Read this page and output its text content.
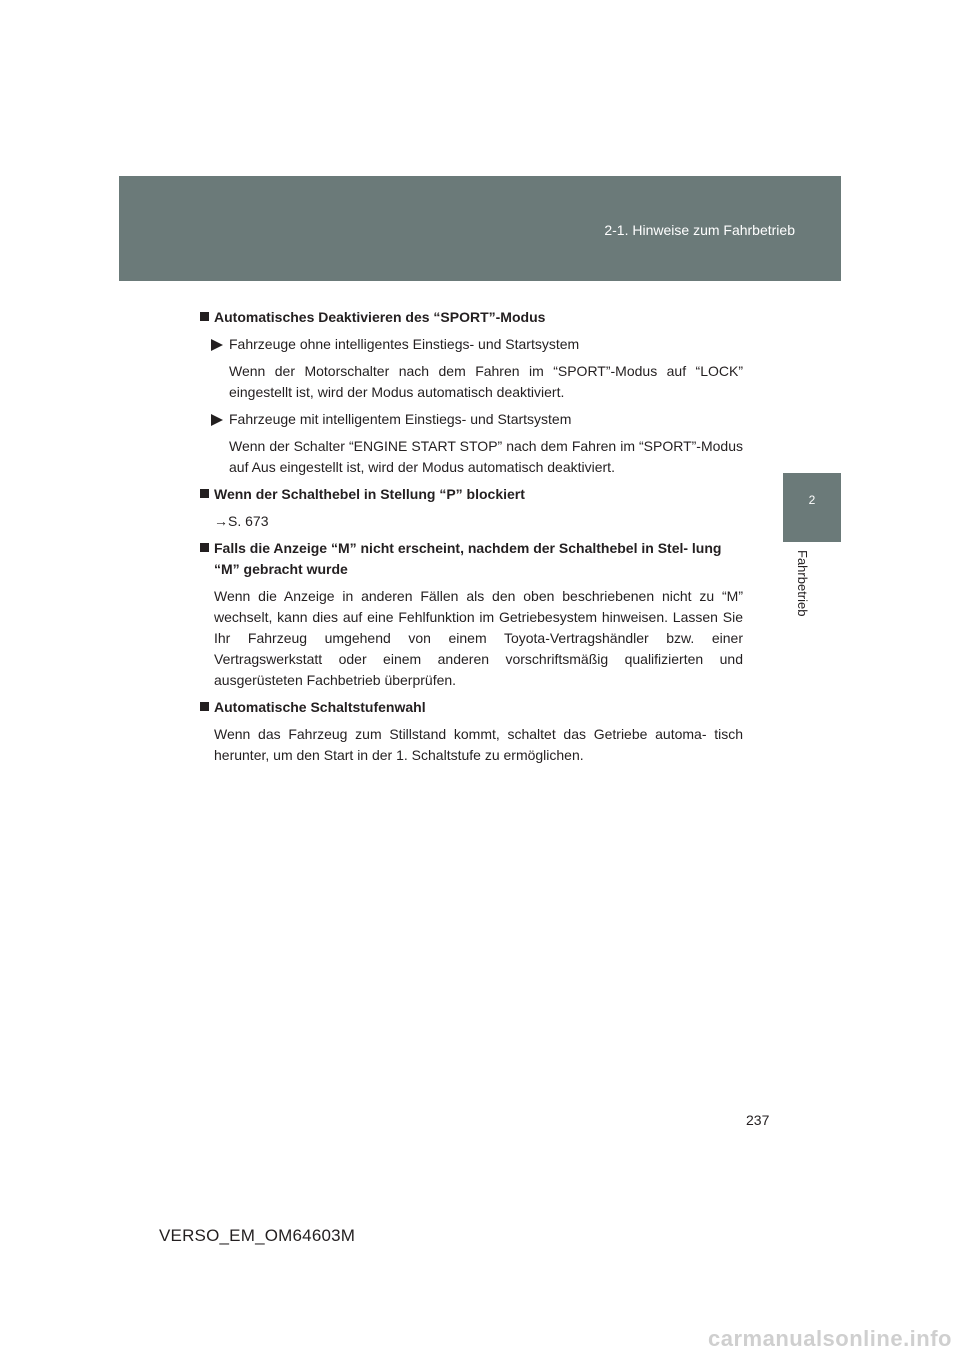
2-1. Hinweise zum Fahrbetrieb
2
Fahrbetrieb
Automatisches Deaktivieren des “SPORT”-Modus
Fahrzeuge ohne intelligentes Einstiegs- und Startsystem
Wenn der Motorschalter nach dem Fahren im “SPORT”-Modus auf “LOCK” eingestellt ist, wird der Modus automatisch deaktiviert.
Fahrzeuge mit intelligentem Einstiegs- und Startsystem
Wenn der Schalter “ENGINE START STOP” nach dem Fahren im “SPORT”-Modus auf Aus eingestellt ist, wird der Modus automatisch deaktiviert.
Wenn der Schalthebel in Stellung “P” blockiert
→S. 673
Falls die Anzeige “M” nicht erscheint, nachdem der Schalthebel in Stel- lung “M” gebracht wurde
Wenn die Anzeige in anderen Fällen als den oben beschriebenen nicht zu “M” wechselt, kann dies auf eine Fehlfunktion im Getriebesystem hinweisen. Lassen Sie Ihr Fahrzeug umgehend von einem Toyota-Vertragshändler bzw. einer Vertragswerkstatt oder einem anderen vorschriftsmäßig qualifizierten und ausgerüsteten Fachbetrieb überprüfen.
Automatische Schaltstufenwahl
Wenn das Fahrzeug zum Stillstand kommt, schaltet das Getriebe automa- tisch herunter, um den Start in der 1. Schaltstufe zu ermöglichen.
237
VERSO_EM_OM64603M
carmanualsonline.info
